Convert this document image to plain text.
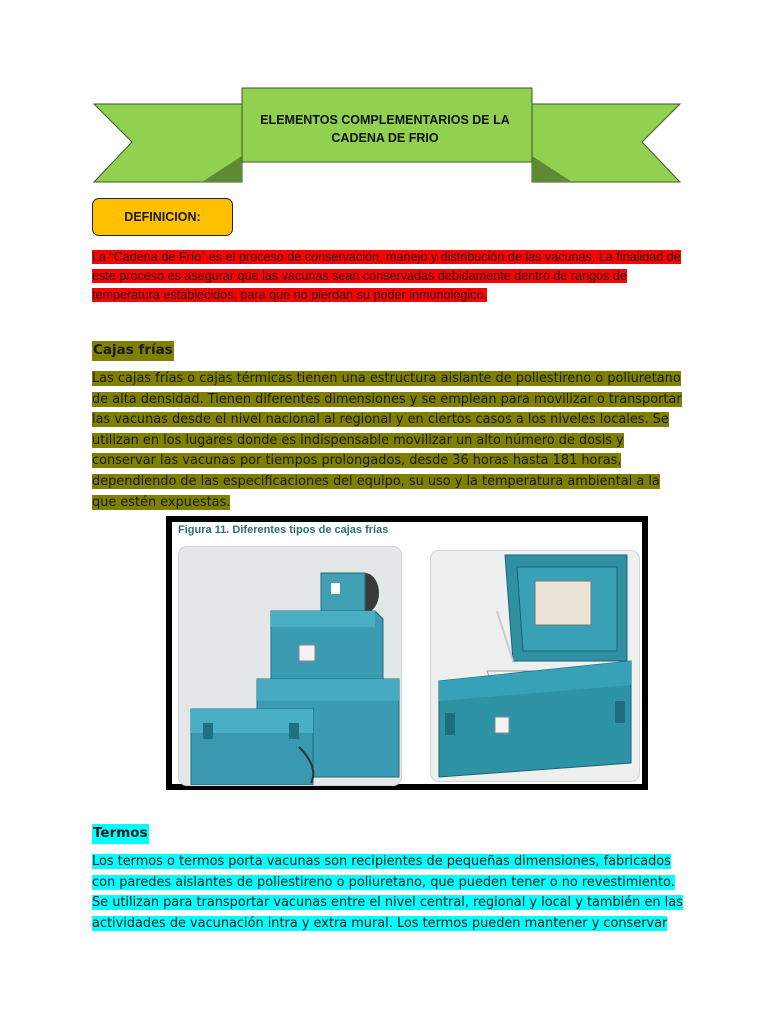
ELEMENTOS COMPLEMENTARIOS DE LA
CADENA DE FRIO
DEFINICION:

La “Cadena de Frío” es el proceso de conservación, manejo y distribución de las vacunas. La finalidad de este proceso es asegurar que las vacunas sean conservadas debidamente dentro de rangos de temperatura establecidos, para que no pierdan su poder inmunológico.

Cajas frías

Las cajas frías o cajas térmicas tienen una estructura aislante de poliestireno o poliuretano de alta densidad. Tienen diferentes dimensiones y se emplean para movilizar o transportar las vacunas desde el nivel nacional al regional y en ciertos casos a los niveles locales. Se utilizan en los lugares donde es indispensable movilizar un alto número de dosis y conservar las vacunas por tiempos prolongados, desde 36 horas hasta 181 horas, dependiendo de las especificaciones del equipo, su uso y la temperatura ambiental a la que estén expuestas.

Figura 11. Diferentes tipos de cajas frías
Termos

Los termos o termos porta vacunas son recipientes de pequeñas dimensiones, fabricados con paredes aislantes de poliestireno o poliuretano, que pueden tener o no revestimiento. Se utilizan para transportar vacunas entre el nivel central, regional y local y también en las actividades de vacunación intra y extra mural. Los termos pueden mantener y conservar
